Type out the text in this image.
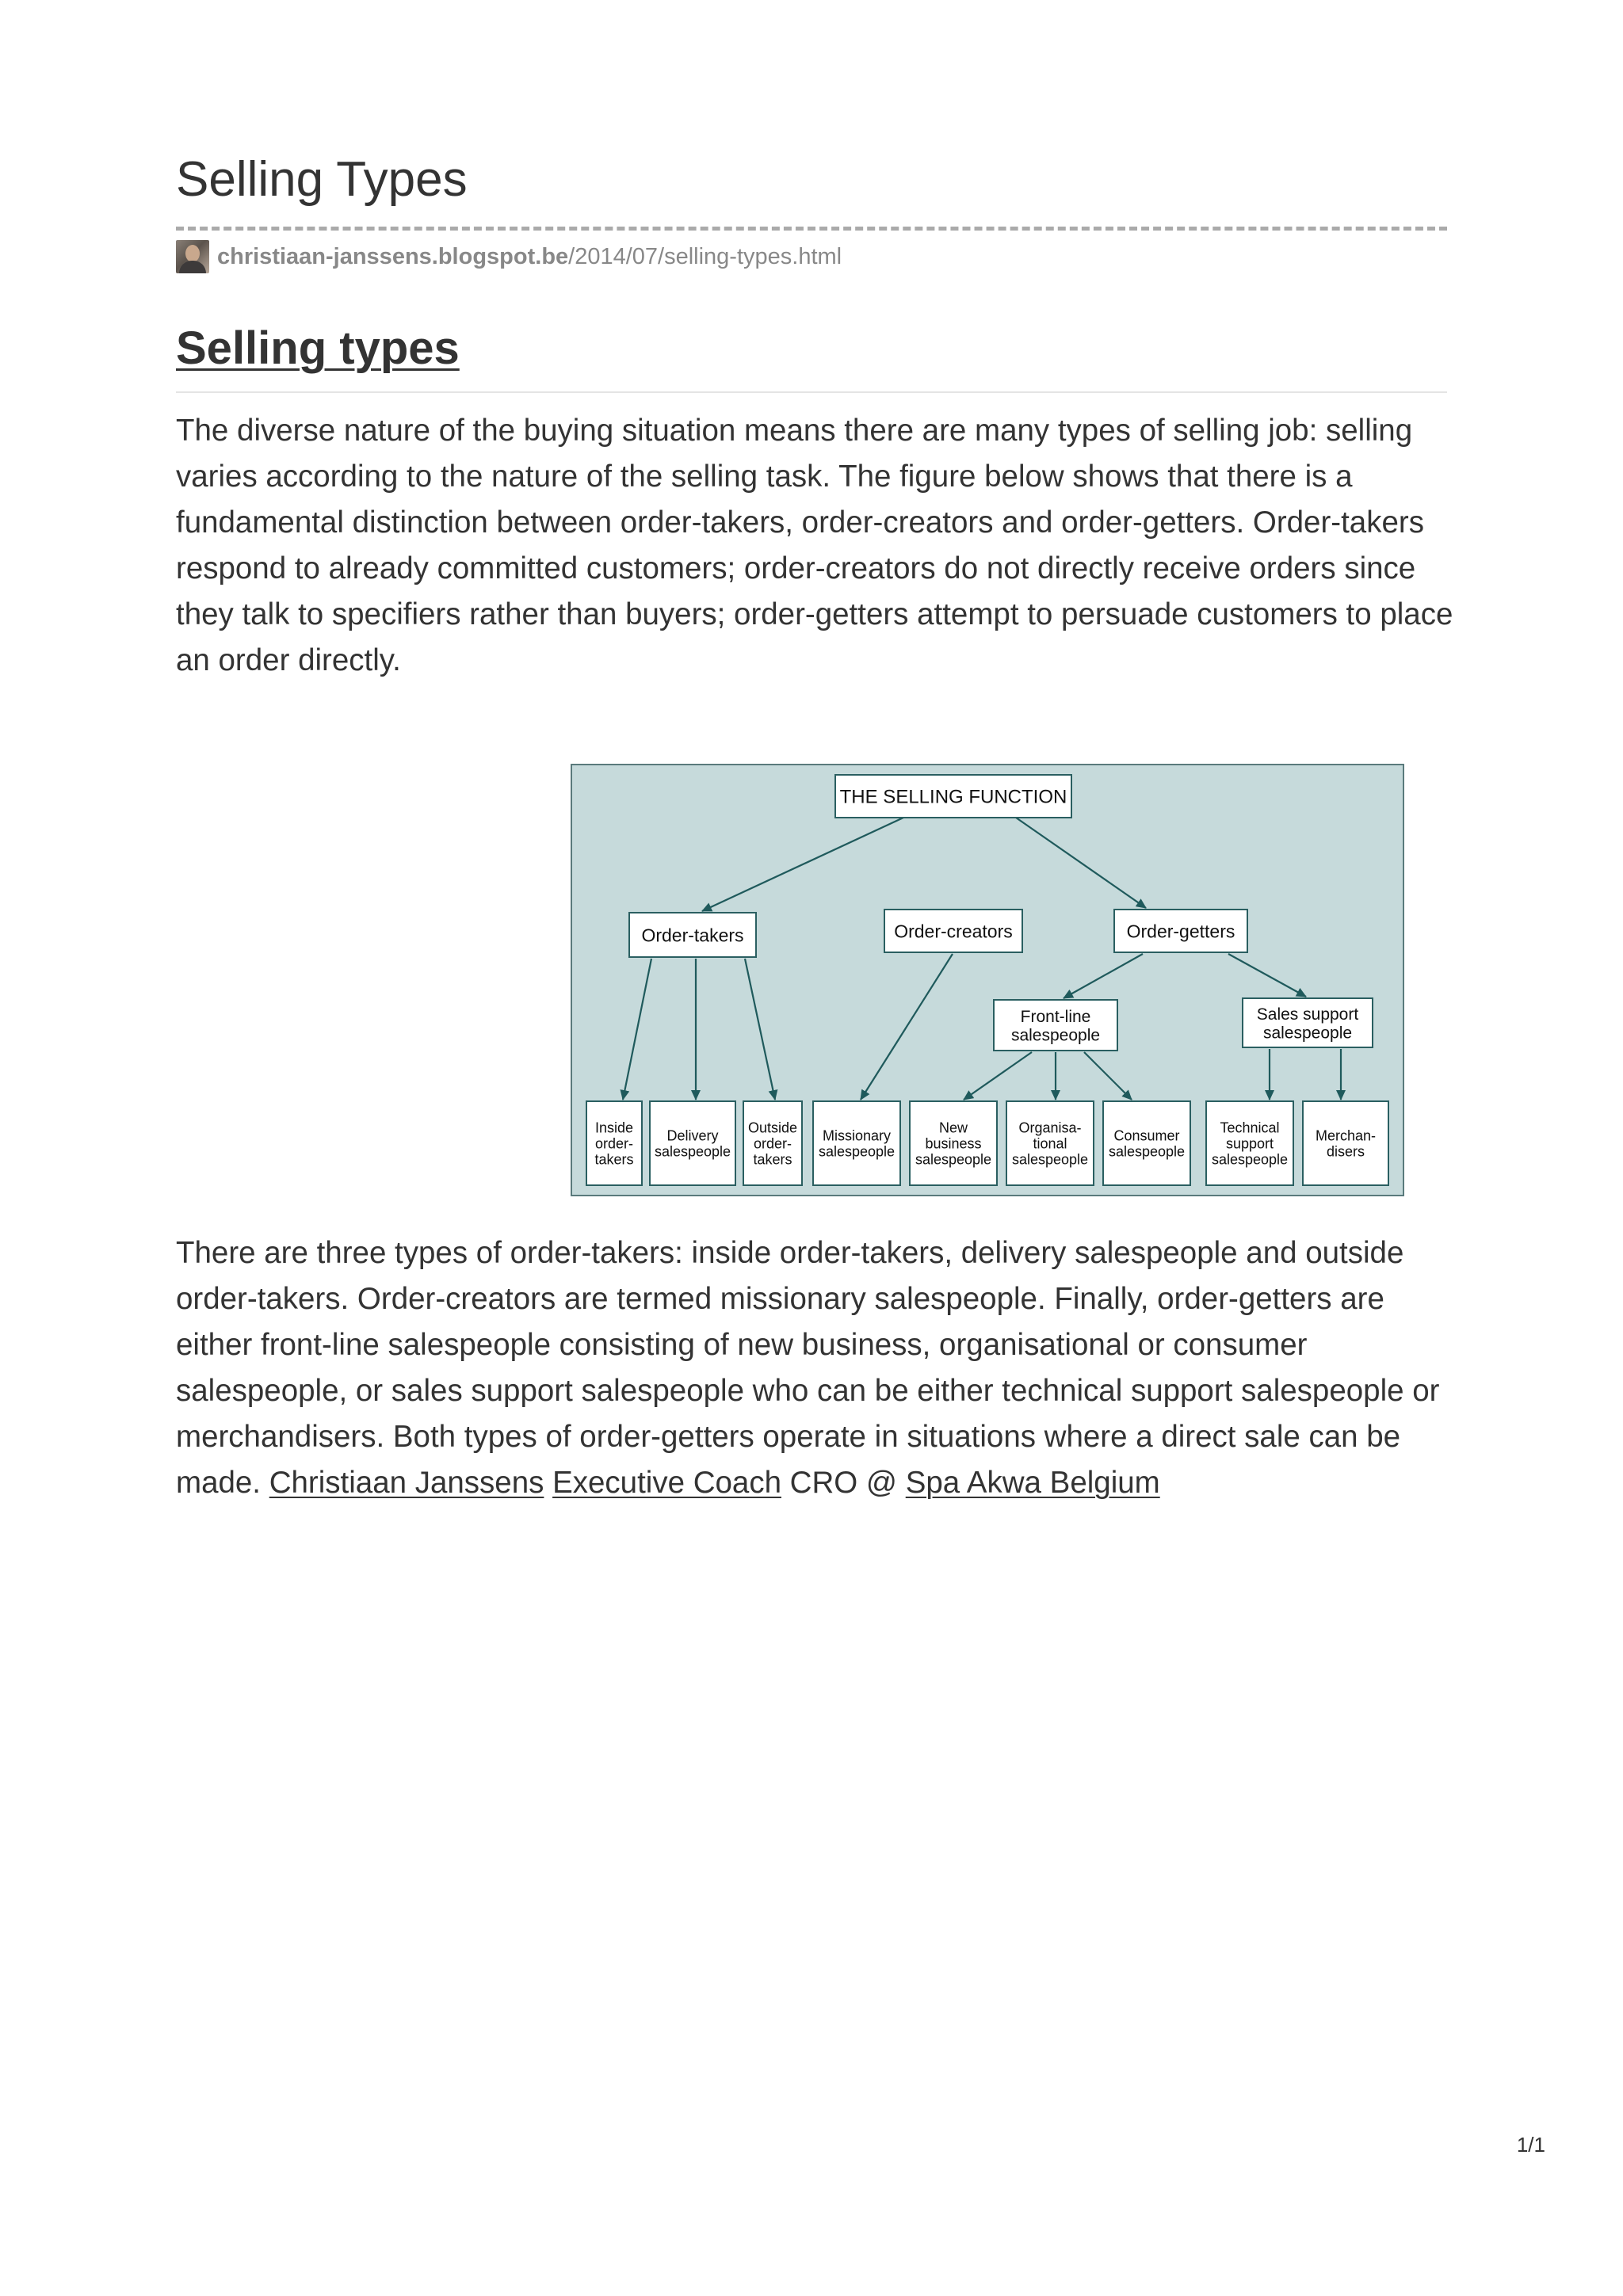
Selling Types
christiaan-janssens.blogspot.be /2014/07/selling-types.html
Selling types

The diverse nature of the buying situation means there are many types of selling job: selling
varies according to the nature of the selling task. The figure below shows that there is a fundamental distinction between order-takers, order-creators and order-getters. Order-takers respond to already committed customers; order-creators do not directly receive orders since they talk to specifiers rather than buyers; order-getters attempt to persuade customers to place an order directly.

THE SELLING FUNCTION
Order-takers	Order-creators	Order-getters
Front-line
salespeople
Sales support
salespeople
Inside
order-
takers
Delivery
salespeople
Outside
order-
takers
Missionary
salespeople
New
business
salespeople
Organisa-
tional
salespeople
Consumer
salespeople
Technical
support
salespeople
Merchan-
disers

There are three types of order-takers: inside order-takers, delivery salespeople and outside order-takers. Order-creators are termed missionary salespeople. Finally, order-getters are either front-line salespeople consisting of new business, organisational or consumer salespeople, or sales support salespeople who can be either technical support salespeople or merchandisers. Both types of order-getters operate in situations where a direct sale can be made. Christiaan Janssens Executive Coach CRO @ Spa Akwa Belgium

1/1
